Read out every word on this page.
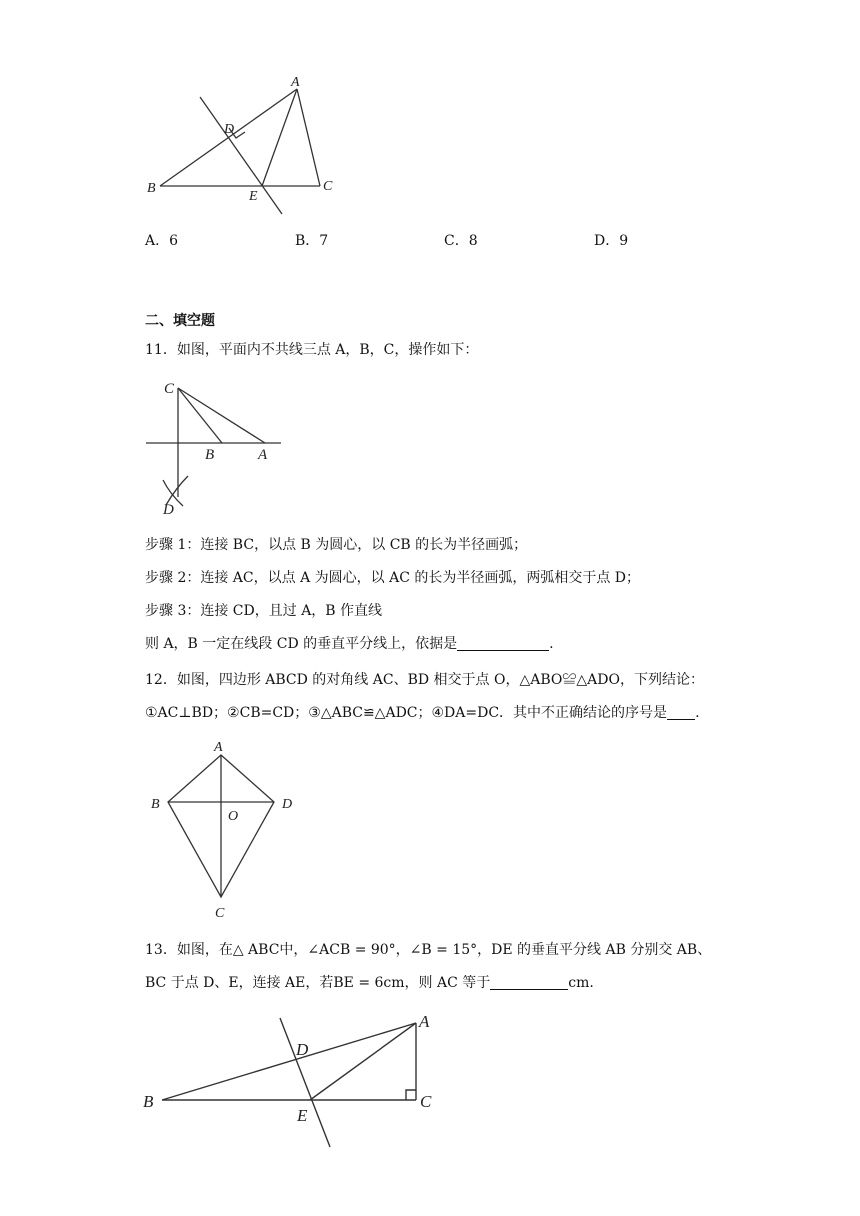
A
B	C
D
E
A．6	B．7	C．8	D．9
二、填空题
11．如图，平面内不共线三点 A，B，C，操作如下：
C
B	A
D
步骤 1：连接 BC，以点 B 为圆心，以 CB 的长为半径画弧；
步骤 2：连接 AC，以点 A 为圆心，以 AC 的长为半径画弧，两弧相交于点 D；
步骤 3：连接 CD，且过 A，B 作直线
则 A，B 一定在线段 CD 的垂直平分线上，依据是	.
12．如图，四边形 ABCD 的对角线 AC、BD 相交于点 O，△ABO≌△ADO，下列结论：
①AC⊥BD；②CB=CD；③△ABC≌△ADC；④DA=DC．其中不正确结论的序号是 .
A
B	D
O
C
13．如图，在△ ABC中，∠ACB = 90°，∠B = 15°，DE 的垂直平分线 AB 分别交 AB、
BC 于点 D、E，连接 AE，若BE = 6cm，则 AC 等于	cm.
A
B	C
D
E
